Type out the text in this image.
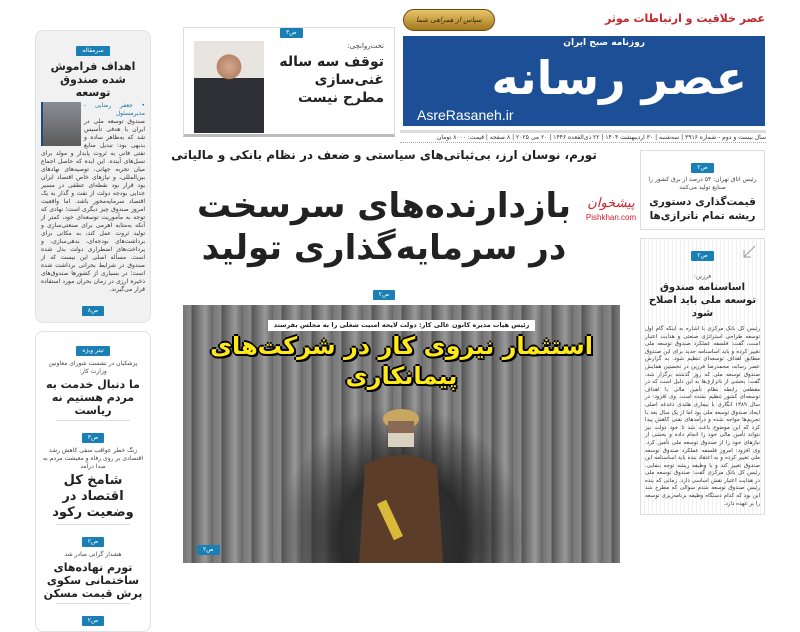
عصر خلاقیت و ارتباطات موثر
سپاس از همراهی شما
روزنامه صبح ایران
عصر رسانه
AsreRasaneh.ir
سال بیست و دوم - شماره ۳۹۱۶ | سه‌شنبه | ۳۰ اردیبهشت ۱۴۰۴ | ۲۲ ذی‌القعده ۱۴۴۶ | ۲۰ می ۲۰۲۵ | ۸ صفحه | قیمت: ۸۰۰۰ تومان
سرمقاله
اهداف فراموش شده صندوق توسعه
• جعفر رضایی - مدیرمسئول
صندوق توسعه ملی در ایران با هدفی تأسیس شد که به‌ظاهر ساده و بدیهی بود: تبدیل منابع نفتی فانی به ثروت پایدار و مولد برای نسل‌های آینده. این ایده که حاصل اجماع میان تجربه جهانی، توصیه‌های نهادهای بین‌المللی، و نیازهای خاص اقتصاد ایران بود قرار بود نقطه‌ای عطفی در مسیر جدایی بودجه دولت از نفت و گذار به یک اقتصاد سرمایه‌محور باشد. اما واقعیت امروز صندوق چیز دیگری است؛ نهادی که توجه به مأموریت توسعه‌ای خود، کمتر از آنکه به‌مثابه اهرمی برای صنعتی‌سازی و تولید ثروت عمل کند، به مکانی برای برداشت‌های بودجه‌ای، بدهی‌سازی، و پرداخت‌های اضطراری دولت بدل شده است. مسأله اصلی این نیست که از صندوق در شرایط بحرانی برداشت شده است؛ در بسیاری از کشورها صندوق‌های ذخیره ارزی در زمان بحران مورد استفاده قرار می‌گیرند.
ص۸
تیتر ویژه
پزشکیان در نشست شورای معاونین وزارت کار:
ما دنبال خدمت به مردم هستیم نه ریاست
ص۳
زنگ خطر عواقب منفی کاهش رشد اقتصادی بر روی رفاه و معیشت مردم به صدا درآمد
شامخ کل اقتصاد در وضعیت رکود
ص۲
هشدار گرانی صادر شد
تورم نهاده‌های ساختمانی سکوی پرش قیمت مسکن
ص۲
ص۳
تخت‌روانچی:
توقف سه ساله غنی‌سازی مطرح نیست
تورم، نوسان ارز، بی‌ثباتی‌های سیاستی و ضعف در نظام بانکی و مالیاتی
بازدارنده‌های سرسخت
در سرمایه‌گذاری تولید
ص۲
پیشخوان
Pishkhan.com
ص۲
رئیس اتاق تهران: ۵۴ درصد از برق کشور را صنایع تولید می‌کنند
قیمت‌گذاری دستوری ریشه تمام ناترازی‌ها
ص۲
فرزین:
اساسنامه صندوق توسعه ملی باید اصلاح شود
رئیس کل بانک مرکزی با اشاره به اینکه گام اول توسعه طراحی استراتژی صنعتی و هدایت اعتبار است، گفت: فلسفه عملکرد صندوق توسعه ملی تغییر کرده و باید اساسنامه جدید برای این صندوق مطابق اهداف توسعه‌ای تنظیم شود. به گزارش عصر رسانه، محمدرضا فرزین در نخستین همایش صندوق توسعه ملی که روز گذشته برگزار شد، گفت: بخشی از ناترازی‌ها به این دلیل است که در مقطعی رابطه نظام تأمین مالی با اهداف توسعه‌ای کشور تنظیم نشده است. وی افزود: در سال ۱۳۸۹ انگاری با بیماری هلندی دغدغه اصلی ایجاد صندوق توسعه ملی بود اما از یک سال بعد با تحریم‌ها مواجه شده و درآمدهای نفتی کاهش پیدا کرد که این موضوع باعث شد تا خود دولت نیز نتواند تأمین مالی خود را انجام داده و بخشی از نیازهای خود را از صندوق توسعه ملی تأمین کرد. وی افزود: امروز فلسفه عملکرد صندوق توسعه ملی تغییر کرده و به اعتقاد بنده باید اساسنامه این صندوق تغییر کند و با وظیفه ریشه توجه بنمایی. رئیس کل بانک مرکزی گفت: صندوق توسعه ملی در هدایت اعتبار نقش اساسی دارد. زمانی که بنده رئیس صندوق توسعه شدم سوالی که مطرح شد این بود که کدام دستگاه وظیفه برنامه‌ریزی توسعه را بر عهده دارد.
رئیس هیات مدیره کانون عالی کار: دولت لایحه امنیت شغلی را به مجلس بفرستد
استثمار نیروی کار در شرکت‌های پیمانکاری
ص۲
